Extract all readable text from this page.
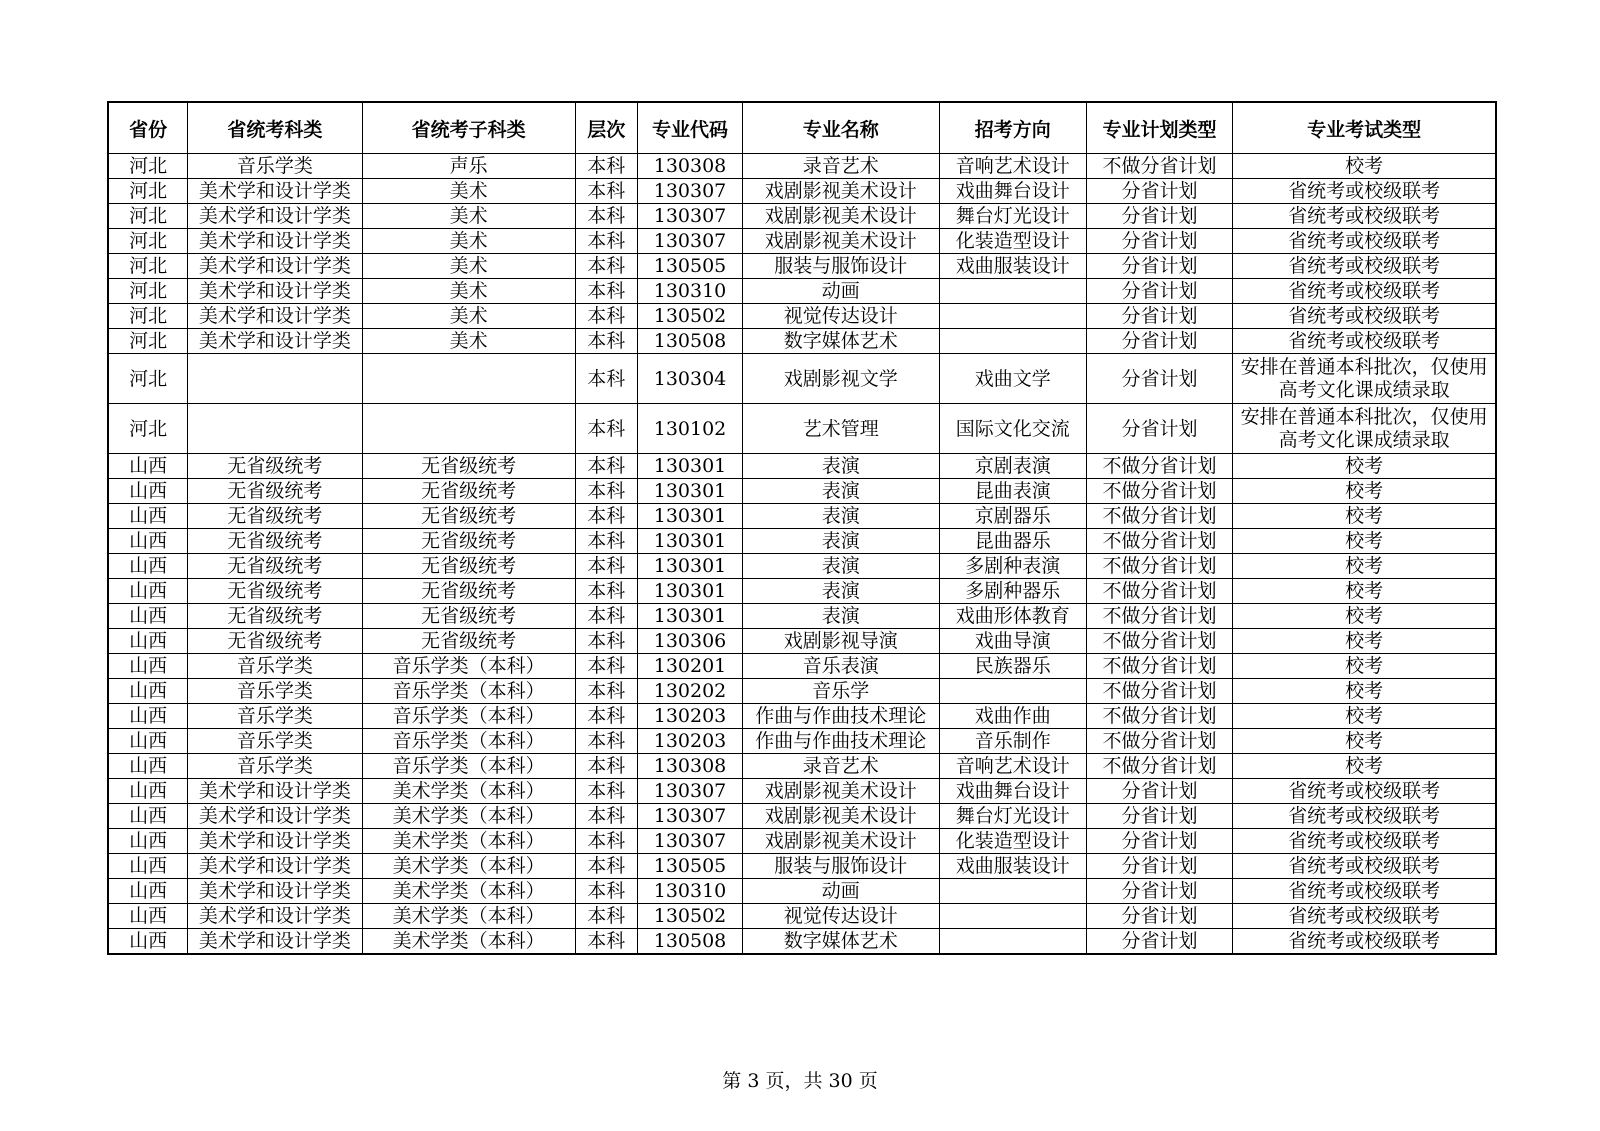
省份	省统考科类	省统考子科类	层次	专业代码	专业名称	招考方向	专业计划类型	专业考试类型
河北	音乐学类	声乐	本科	130308	录音艺术	音响艺术设计	不做分省计划	校考
河北	美术学和设计学类	美术	本科	130307	戏剧影视美术设计	戏曲舞台设计	分省计划	省统考或校级联考
河北	美术学和设计学类	美术	本科	130307	戏剧影视美术设计	舞台灯光设计	分省计划	省统考或校级联考
河北	美术学和设计学类	美术	本科	130307	戏剧影视美术设计	化装造型设计	分省计划	省统考或校级联考
河北	美术学和设计学类	美术	本科	130505	服装与服饰设计	戏曲服装设计	分省计划	省统考或校级联考
河北	美术学和设计学类	美术	本科	130310	动画		分省计划	省统考或校级联考
河北	美术学和设计学类	美术	本科	130502	视觉传达设计		分省计划	省统考或校级联考
河北	美术学和设计学类	美术	本科	130508	数字媒体艺术		分省计划	省统考或校级联考
河北			本科	130304	戏剧影视文学	戏曲文学	分省计划	安排在普通本科批次，仅使用高考文化课成绩录取
河北			本科	130102	艺术管理	国际文化交流	分省计划	安排在普通本科批次，仅使用高考文化课成绩录取
山西	无省级统考	无省级统考	本科	130301	表演	京剧表演	不做分省计划	校考
山西	无省级统考	无省级统考	本科	130301	表演	昆曲表演	不做分省计划	校考
山西	无省级统考	无省级统考	本科	130301	表演	京剧器乐	不做分省计划	校考
山西	无省级统考	无省级统考	本科	130301	表演	昆曲器乐	不做分省计划	校考
山西	无省级统考	无省级统考	本科	130301	表演	多剧种表演	不做分省计划	校考
山西	无省级统考	无省级统考	本科	130301	表演	多剧种器乐	不做分省计划	校考
山西	无省级统考	无省级统考	本科	130301	表演	戏曲形体教育	不做分省计划	校考
山西	无省级统考	无省级统考	本科	130306	戏剧影视导演	戏曲导演	不做分省计划	校考
山西	音乐学类	音乐学类（本科）	本科	130201	音乐表演	民族器乐	不做分省计划	校考
山西	音乐学类	音乐学类（本科）	本科	130202	音乐学		不做分省计划	校考
山西	音乐学类	音乐学类（本科）	本科	130203	作曲与作曲技术理论	戏曲作曲	不做分省计划	校考
山西	音乐学类	音乐学类（本科）	本科	130203	作曲与作曲技术理论	音乐制作	不做分省计划	校考
山西	音乐学类	音乐学类（本科）	本科	130308	录音艺术	音响艺术设计	不做分省计划	校考
山西	美术学和设计学类	美术学类（本科）	本科	130307	戏剧影视美术设计	戏曲舞台设计	分省计划	省统考或校级联考
山西	美术学和设计学类	美术学类（本科）	本科	130307	戏剧影视美术设计	舞台灯光设计	分省计划	省统考或校级联考
山西	美术学和设计学类	美术学类（本科）	本科	130307	戏剧影视美术设计	化装造型设计	分省计划	省统考或校级联考
山西	美术学和设计学类	美术学类（本科）	本科	130505	服装与服饰设计	戏曲服装设计	分省计划	省统考或校级联考
山西	美术学和设计学类	美术学类（本科）	本科	130310	动画		分省计划	省统考或校级联考
山西	美术学和设计学类	美术学类（本科）	本科	130502	视觉传达设计		分省计划	省统考或校级联考
山西	美术学和设计学类	美术学类（本科）	本科	130508	数字媒体艺术		分省计划	省统考或校级联考
第 3 页，共 30 页
